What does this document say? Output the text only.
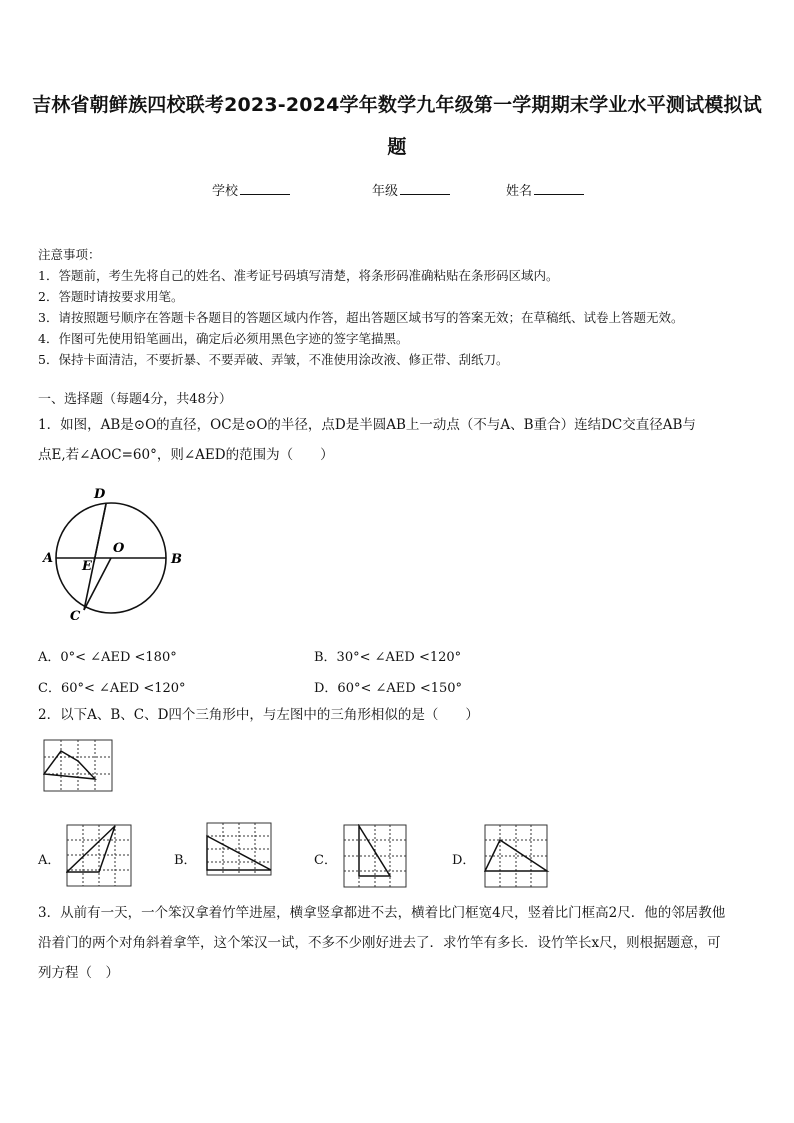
吉林省朝鲜族四校联考2023-2024学年数学九年级第一学期期末学业水平测试模拟试
题
学校	年级	姓名
注意事项：
1．答题前，考生先将自己的姓名、准考证号码填写清楚，将条形码准确粘贴在条形码区域内。
2．答题时请按要求用笔。
3．请按照题号顺序在答题卡各题目的答题区域内作答，超出答题区域书写的答案无效；在草稿纸、试卷上答题无效。
4．作图可先使用铅笔画出，确定后必须用黑色字迹的签字笔描黑。
5．保持卡面清洁，不要折暴、不要弄破、弄皱，不准使用涂改液、修正带、刮纸刀。
一、选择题（每题4分，共48分）
1．如图，AB是⊙O的直径，OC是⊙O的半径，点D是半圆AB上一动点（不与A、B重合）连结DC交直径AB与
点E,若∠AOC=60°，则∠AED的范围为（　　）
D
A	B
O
E
C
A．0°< ∠AED <180°	B．30°< ∠AED <120°
C．60°< ∠AED <120°	D．60°< ∠AED <150°
2．以下A、B、C、D四个三角形中，与左图中的三角形相似的是（　　）
A．	B．	C．	D．
3．从前有一天，一个笨汉拿着竹竿进屋，横拿竖拿都进不去，横着比门框宽4尺，竖着比门框高2尺．他的邻居教他
沿着门的两个对角斜着拿竿，这个笨汉一试，不多不少刚好进去了．求竹竿有多长．设竹竿长x尺，则根据题意，可
列方程（　）
